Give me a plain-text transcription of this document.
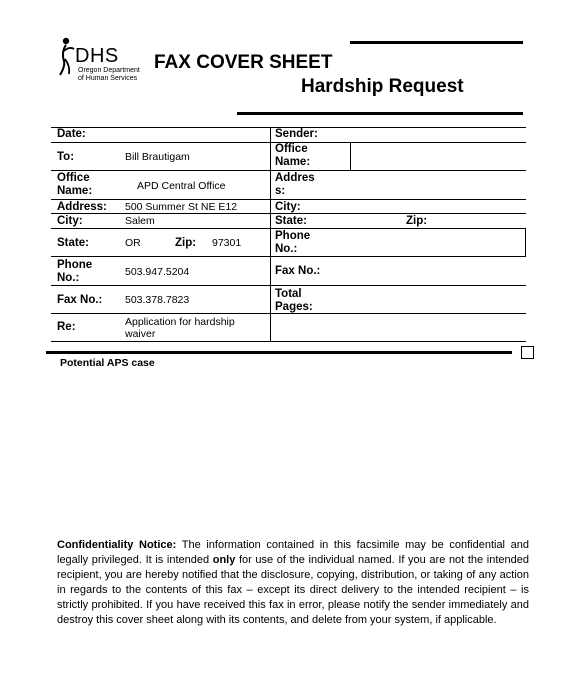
DHS
Oregon Department
of Human Services
FAX COVER SHEET
Hardship Request
Date:
To:	Bill Brautigam
Office Name:	APD Central Office
Address: 500 Summer St NE E12
City:	Salem
State:	OR	Zip: 97301
Phone No.:	503.947.5204
Fax No.: 503.378.7823
Re:	Application for hardship waiver
Sender:
Office Name:
Address:
City:
State:	Zip:
Phone No.:
Fax No.:
Total Pages:
Potential APS case
Confidentiality Notice: The information contained in this facsimile may be confidential and legally privileged. It is intended only for use of the individual named. If you are not the intended recipient, you are hereby notified that the disclosure, copying, distribution, or taking of any action in regards to the contents of this fax – except its direct delivery to the intended recipient – is strictly prohibited. If you have received this fax in error, please notify the sender immediately and destroy this cover sheet along with its contents, and delete from your system, if applicable.
